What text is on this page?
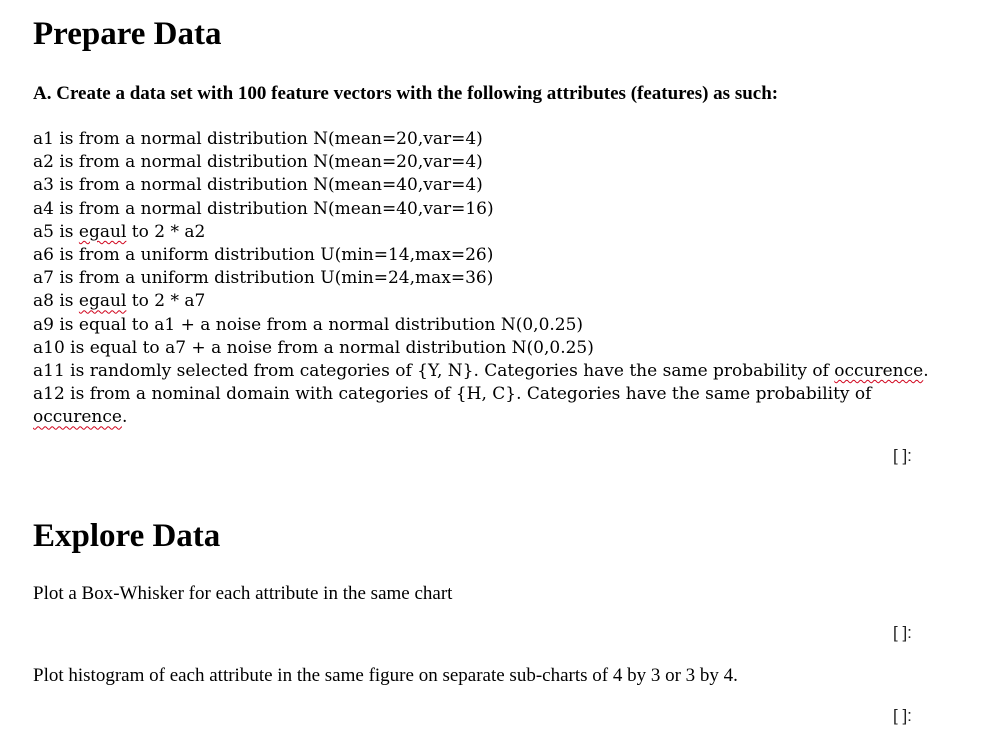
Prepare Data
A. Create a data set with 100 feature vectors with the following attributes (features) as such:
a1 is from a normal distribution N(mean=20,var=4)
a2 is from a normal distribution N(mean=20,var=4)
a3 is from a normal distribution N(mean=40,var=4)
a4 is from a normal distribution N(mean=40,var=16)
a5 is egaul to 2 * a2
a6 is from a uniform distribution U(min=14,max=26)
a7 is from a uniform distribution U(min=24,max=36)
a8 is egaul to 2 * a7
a9 is equal to a1 + a noise from a normal distribution N(0,0.25)
a10 is equal to a7 + a noise from a normal distribution N(0,0.25)
a11 is randomly selected from categories of {Y, N}. Categories have the same probability of occurence.
a12 is from a nominal domain with categories of {H, C}. Categories have the same probability of occurence.
[ ]:
Explore Data
Plot a Box-Whisker for each attribute in the same chart
[ ]:
Plot histogram of each attribute in the same figure on separate sub-charts of 4 by 3 or 3 by 4.
[ ]:
